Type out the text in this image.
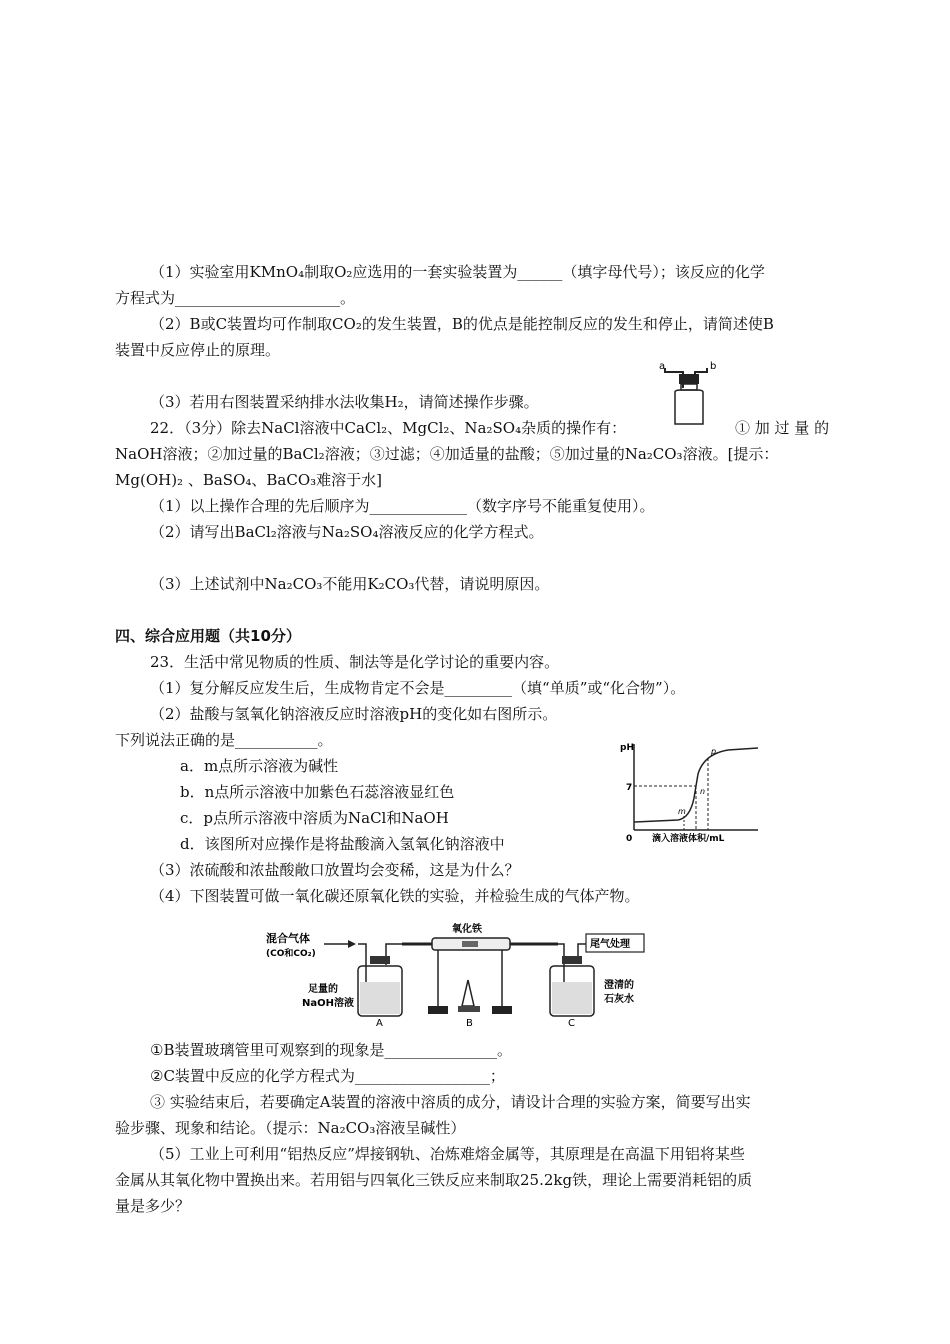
（1）实验室用KMnO₄制取O₂应选用的一套实验装置为______（填字母代号）；该反应的化学
方程式为______________________。
（2）B或C装置均可作制取CO₂的发生装置，B的优点是能控制反应的发生和停止，请简述使B
装置中反应停止的原理。
（3）若用右图装置采纳排水法收集H₂，请简述操作步骤。
a	b
22．（3分）除去NaCl溶液中CaCl₂、MgCl₂、Na₂SO₄杂质的操作有：	① 加 过 量 的
NaOH溶液；②加过量的BaCl₂溶液；③过滤；④加适量的盐酸；⑤加过量的Na₂CO₃溶液。[提示：
Mg(OH)₂ 、BaSO₄、BaCO₃难溶于水]
（1）以上操作合理的先后顺序为_____________（数字序号不能重复使用）。
（2）请写出BaCl₂溶液与Na₂SO₄溶液反应的化学方程式。
（3）上述试剂中Na₂CO₃不能用K₂CO₃代替，请说明原因。
四、综合应用题（共10分）
23．生活中常见物质的性质、制法等是化学讨论的重要内容。
（1）复分解反应发生后，生成物肯定不会是_________（填“单质”或“化合物”）。
（2）盐酸与氢氧化钠溶液反应时溶液pH的变化如右图所示。
下列说法正确的是___________。
a．m点所示溶液为碱性
b．n点所示溶液中加紫色石蕊溶液显红色
c．p点所示溶液中溶质为NaCl和NaOH
d．该图所对应操作是将盐酸滴入氢氧化钠溶液中
pH
7
0 滴入溶液体积/mL
m
n
p
（3）浓硫酸和浓盐酸敞口放置均会变稀，这是为什么？
（4）下图装置可做一氧化碳还原氧化铁的实验，并检验生成的气体产物。
混合气体
(CO和CO₂)
足量的
NaOH溶液
A
氧化铁
B
尾气处理
澄清的
石灰水
C
①B装置玻璃管里可观察到的现象是_______________。
②C装置中反应的化学方程式为__________________；
③ 实验结束后，若要确定A装置的溶液中溶质的成分，请设计合理的实验方案，简要写出实
验步骤、现象和结论。（提示：Na₂CO₃溶液呈碱性）
（5）工业上可利用“铝热反应”焊接钢轨、冶炼难熔金属等，其原理是在高温下用铝将某些
金属从其氧化物中置换出来。若用铝与四氧化三铁反应来制取25.2kg铁，理论上需要消耗铝的质
量是多少？
